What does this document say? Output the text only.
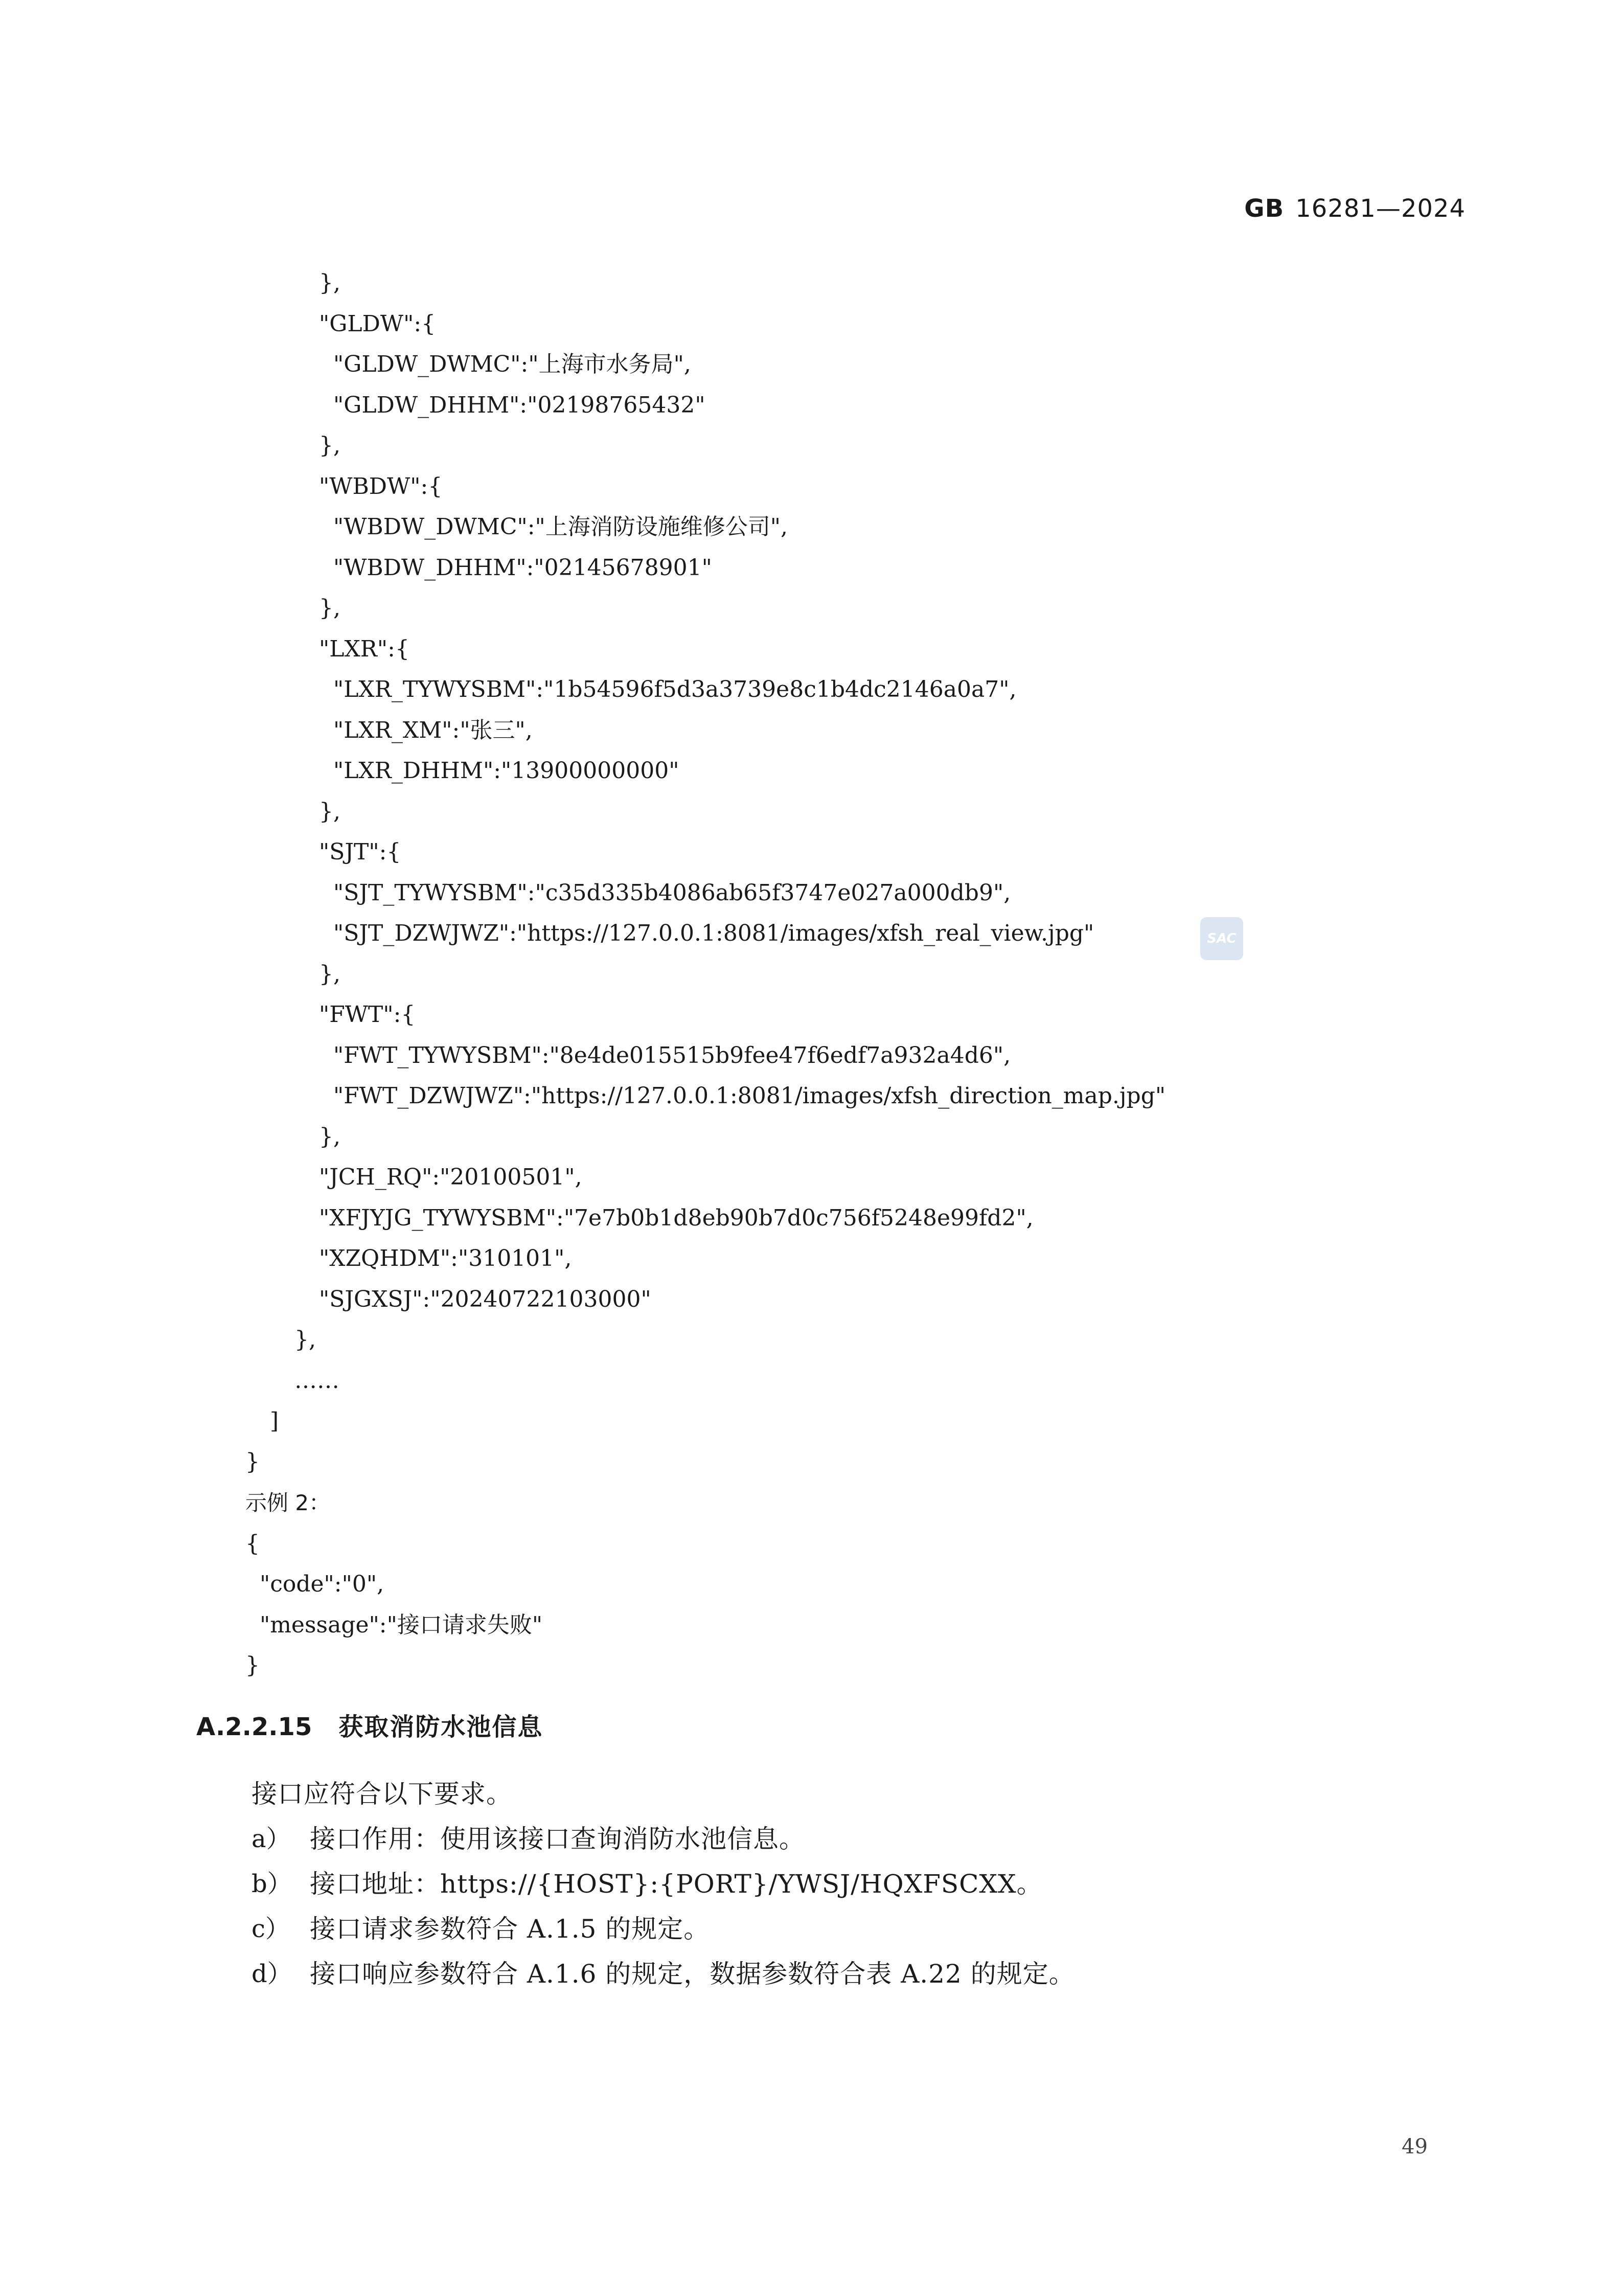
GB 16281—2024
},
"GLDW":{
"GLDW_DWMC":"上海市水务局",
"GLDW_DHHM":"02198765432"
},
"WBDW":{
"WBDW_DWMC":"上海消防设施维修公司",
"WBDW_DHHM":"02145678901"
},
"LXR":{
"LXR_TYWYSBM":"1b54596f5d3a3739e8c1b4dc2146a0a7",
"LXR_XM":"张三",
"LXR_DHHM":"13900000000"
},
"SJT":{
"SJT_TYWYSBM":"c35d335b4086ab65f3747e027a000db9",
"SJT_DZWJWZ":"https://127.0.0.1:8081/images/xfsh_real_view.jpg"
},
"FWT":{
"FWT_TYWYSBM":"8e4de015515b9fee47f6edf7a932a4d6",
"FWT_DZWJWZ":"https://127.0.0.1:8081/images/xfsh_direction_map.jpg"
},
"JCH_RQ":"20100501",
"XFJYJG_TYWYSBM":"7e7b0b1d8eb90b7d0c756f5248e99fd2",
"XZQHDM":"310101",
"SJGXSJ":"20240722103000"
},
……
]
}
示例 2：
{
"code":"0",
"message":"接口请求失败"
}
A.2.2.15 获取消防水池信息
接口应符合以下要求。
a） 接口作用：使用该接口查询消防水池信息。
b） 接口地址：https://{HOST}:{PORT}/YWSJ/HQXFSCXX。
c） 接口请求参数符合 A.1.5 的规定。
d） 接口响应参数符合 A.1.6 的规定，数据参数符合表 A.22 的规定。
SAC
49
